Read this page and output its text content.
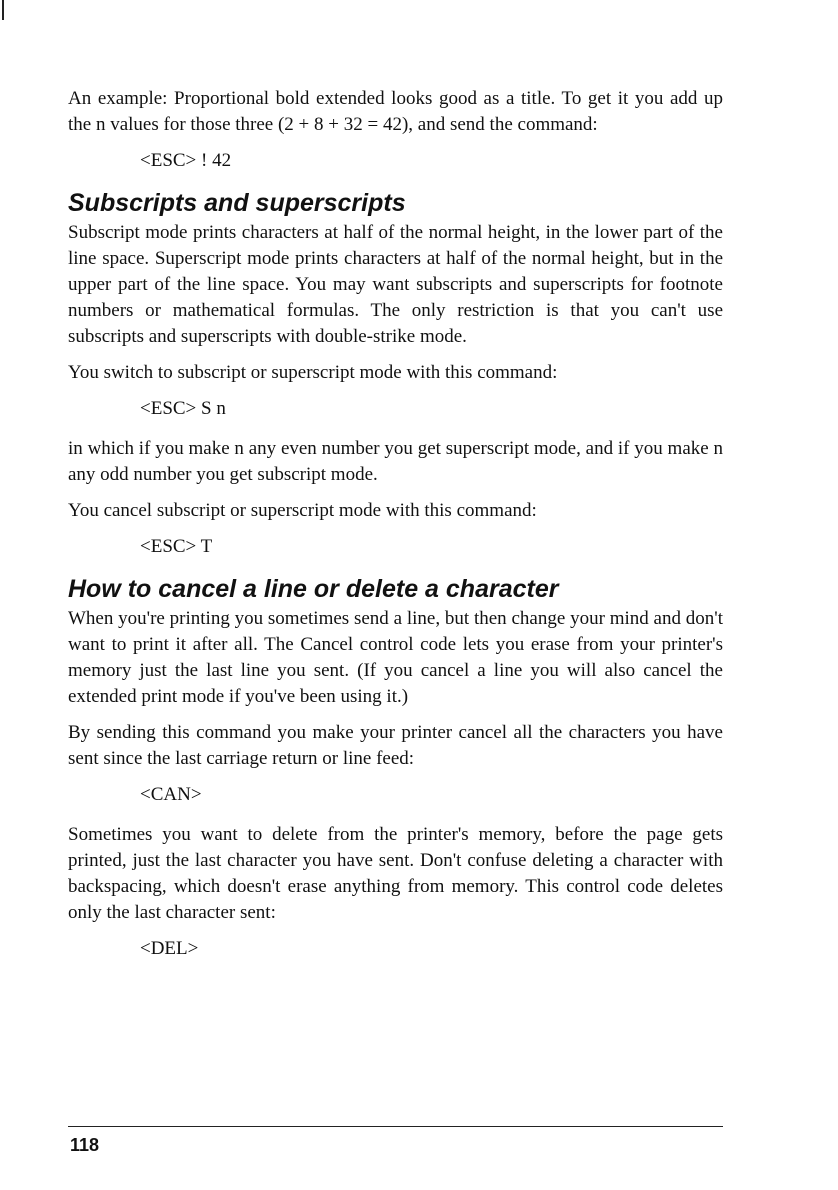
An example: Proportional bold extended looks good as a title. To get it you add up the n values for those three (2 + 8 + 32 = 42), and send the command:

<ESC> ! 42

Subscripts and superscripts

Subscript mode prints characters at half of the normal height, in the lower part of the line space. Superscript mode prints characters at half of the normal height, but in the upper part of the line space. You may want subscripts and superscripts for footnote numbers or mathematical formulas. The only restriction is that you can't use subscripts and superscripts with double-strike mode.

You switch to subscript or superscript mode with this command:

<ESC> S n

in which if you make n any even number you get superscript mode, and if you make n any odd number you get subscript mode.

You cancel subscript or superscript mode with this command:

<ESC> T

How to cancel a line or delete a character

When you're printing you sometimes send a line, but then change your mind and don't want to print it after all. The Cancel control code lets you erase from your printer's memory just the last line you sent. (If you cancel a line you will also cancel the extended print mode if you've been using it.)

By sending this command you make your printer cancel all the characters you have sent since the last carriage return or line feed:

<CAN>

Sometimes you want to delete from the printer's memory, before the page gets printed, just the last character you have sent. Don't confuse deleting a character with backspacing, which doesn't erase anything from memory. This control code deletes only the last character sent:

<DEL>

118
